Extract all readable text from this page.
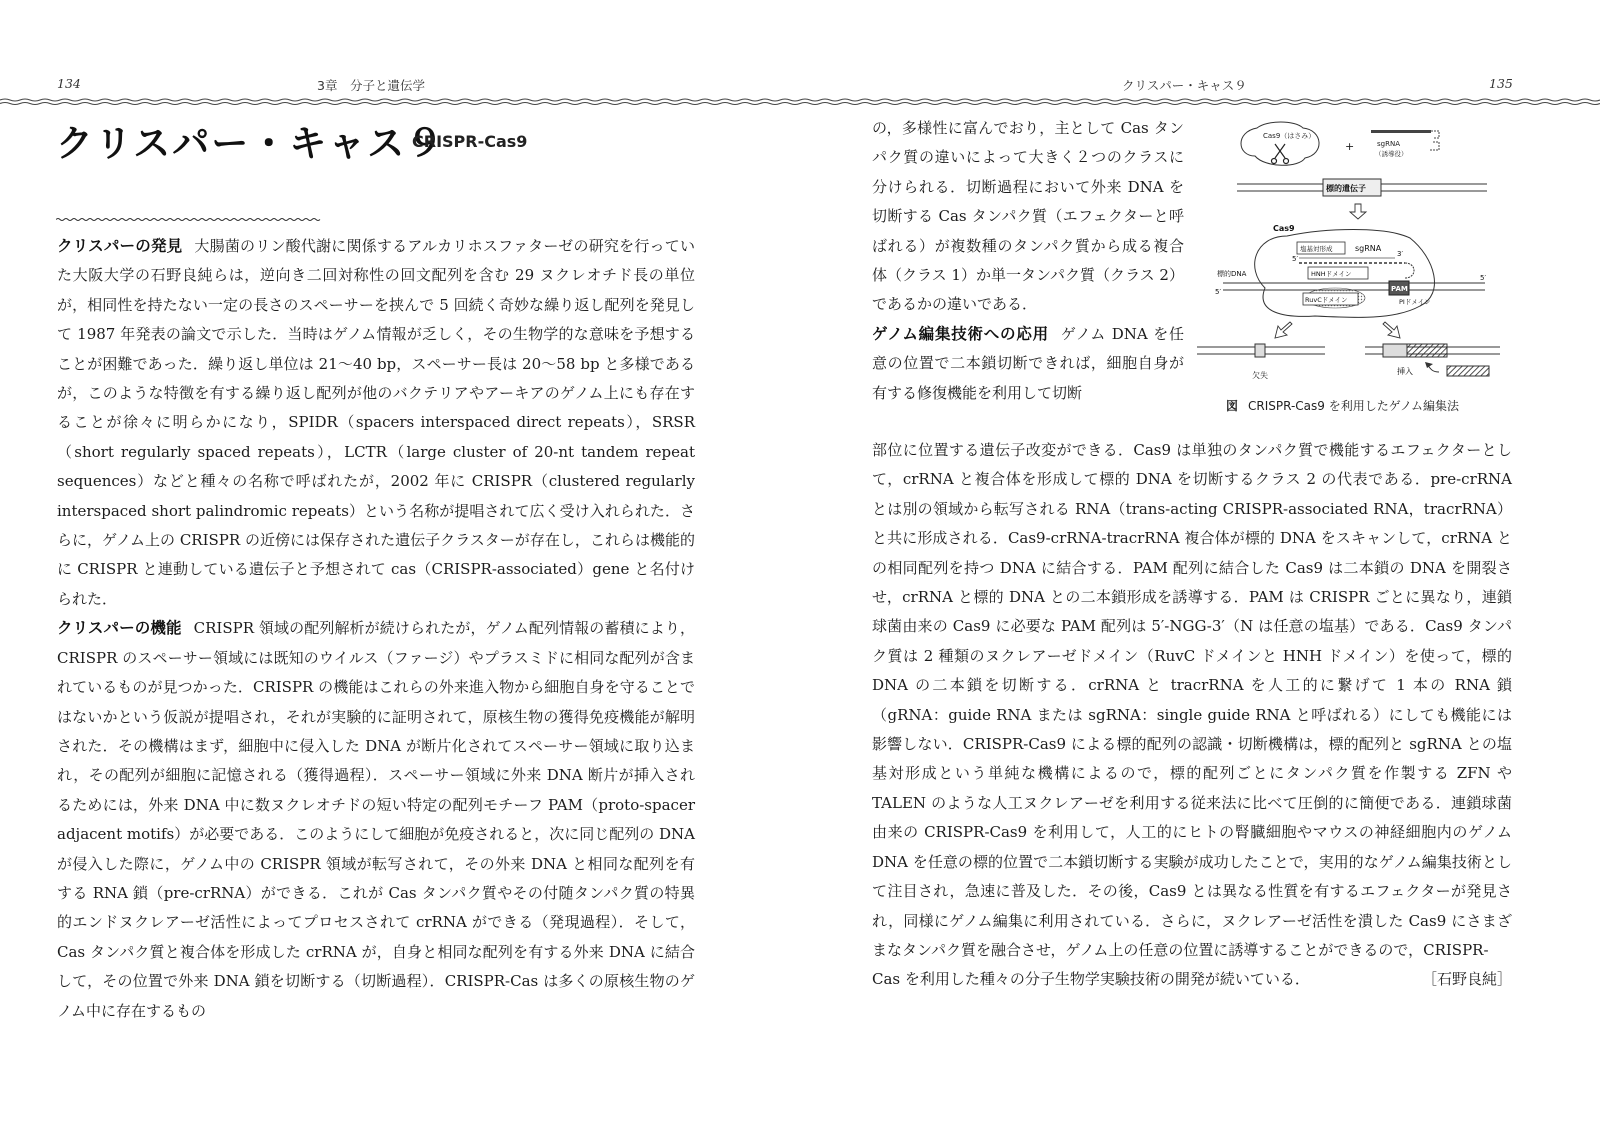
134	3章　分子と遺伝学	クリスパー・キャス９	135
クリスパー・キャス９
CRISPR-Cas9

クリスパーの発見 大腸菌のリン酸代謝に関係するアルカリホスファターゼの研究を行っていた大阪大学の石野良純らは，逆向き二回対称性の回文配列を含む 29 ヌクレオチド長の単位が，相同性を持たない一定の長さのスペーサーを挟んで 5 回続く奇妙な繰り返し配列を発見して 1987 年発表の論文で示した．当時はゲノム情報が乏しく，その生物学的な意味を予想することが困難であった．繰り返し単位は 21〜40 bp，スペーサー長は 20〜58 bp と多様であるが，このような特徴を有する繰り返し配列が他のバクテリアやアーキアのゲノム上にも存在することが徐々に明らかになり，SPIDR（spacers interspaced direct repeats），SRSR（short regularly spaced repeats），LCTR（large cluster of 20-nt tandem repeat sequences）などと種々の名称で呼ばれたが，2002 年に CRISPR（clustered regularly interspaced short palindromic repeats）という名称が提唱されて広く受け入れられた．さらに，ゲノム上の CRISPR の近傍には保存された遺伝子クラスターが存在し，これらは機能的に CRISPR と連動している遺伝子と予想されて cas（CRISPR-associated）gene と名付けられた．

クリスパーの機能 CRISPR 領域の配列解析が続けられたが，ゲノム配列情報の蓄積により，CRISPR のスペーサー領域には既知のウイルス（ファージ）やプラスミドに相同な配列が含まれているものが見つかった．CRISPR の機能はこれらの外来進入物から細胞自身を守ることではないかという仮説が提唱され，それが実験的に証明されて，原核生物の獲得免疫機能が解明された．その機構はまず，細胞中に侵入した DNA が断片化されてスペーサー領域に取り込まれ，その配列が細胞に記憶される（獲得過程）．スペーサー領域に外来 DNA 断片が挿入されるためには，外来 DNA 中に数ヌクレオチドの短い特定の配列モチーフ PAM（proto-spacer adjacent motifs）が必要である．このようにして細胞が免疫されると，次に同じ配列の DNA が侵入した際に，ゲノム中の CRISPR 領域が転写されて，その外来 DNA と相同な配列を有する RNA 鎖（pre-crRNA）ができる．これが Cas タンパク質やその付随タンパク質の特異的エンドヌクレアーゼ活性によってプロセスされて crRNA ができる（発現過程）．そして，Cas タンパク質と複合体を形成した crRNA が，自身と相同な配列を有する外来 DNA に結合して，その位置で外来 DNA 鎖を切断する（切断過程）．CRISPR-Cas は多くの原核生物のゲノム中に存在するもの

の，多様性に富んでおり，主として Cas タンパク質の違いによって大きく２つのクラスに分けられる．切断過程において外来 DNA を切断する Cas タンパク質（エフェクターと呼ばれる）が複数種のタンパク質から成る複合体（クラス 1）か単一タンパク質（クラス 2）であるかの違いである．

ゲノム編集技術への応用 ゲノム DNA を任意の位置で二本鎖切断できれば，細胞自身が有する修復機能を利用して切断

Cas9（はさみ）
+	sgRNA
（誘導役）
標的遺伝子
Cas9
塩基対形成	sgRNA
3′
5′
HNHドメイン
標的DNA
5′
RuvCドメイン
PAM
PIドメイン
5′
欠失	挿入
図 CRISPR-Cas9 を利用したゲノム編集法

部位に位置する遺伝子改変ができる．Cas9 は単独のタンパク質で機能するエフェクターとして，crRNA と複合体を形成して標的 DNA を切断するクラス 2 の代表である．pre-crRNA とは別の領域から転写される RNA（trans-acting CRISPR-associated RNA，tracrRNA）と共に形成される．Cas9-crRNA-tracrRNA 複合体が標的 DNA をスキャンして，crRNA との相同配列を持つ DNA に結合する．PAM 配列に結合した Cas9 は二本鎖の DNA を開裂させ，crRNA と標的 DNA との二本鎖形成を誘導する．PAM は CRISPR ごとに異なり，連鎖球菌由来の Cas9 に必要な PAM 配列は 5′-NGG-3′（N は任意の塩基）である．Cas9 タンパク質は 2 種類のヌクレアーゼドメイン（RuvC ドメインと HNH ドメイン）を使って，標的 DNA の二本鎖を切断する．crRNA と tracrRNA を人工的に繋げて 1 本の RNA 鎖（gRNA：guide RNA または sgRNA：single guide RNA と呼ばれる）にしても機能には影響しない．CRISPR-Cas9 による標的配列の認識・切断機構は，標的配列と sgRNA との塩基対形成という単純な機構によるので，標的配列ごとにタンパク質を作製する ZFN や TALEN のような人工ヌクレアーゼを利用する従来法に比べて圧倒的に簡便である．連鎖球菌由来の CRISPR-Cas9 を利用して，人工的にヒトの腎臓細胞やマウスの神経細胞内のゲノム DNA を任意の標的位置で二本鎖切断する実験が成功したことで，実用的なゲノム編集技術として注目され，急速に普及した．その後，Cas9 とは異なる性質を有するエフェクターが発見され，同様にゲノム編集に利用されている．さらに，ヌクレアーゼ活性を潰した Cas9 にさまざまなタンパク質を融合させ，ゲノム上の任意の位置に誘導することができるので，CRISPR-

Cas を利用した種々の分子生物学実験技術の開発が続いている．	［石野良純］
